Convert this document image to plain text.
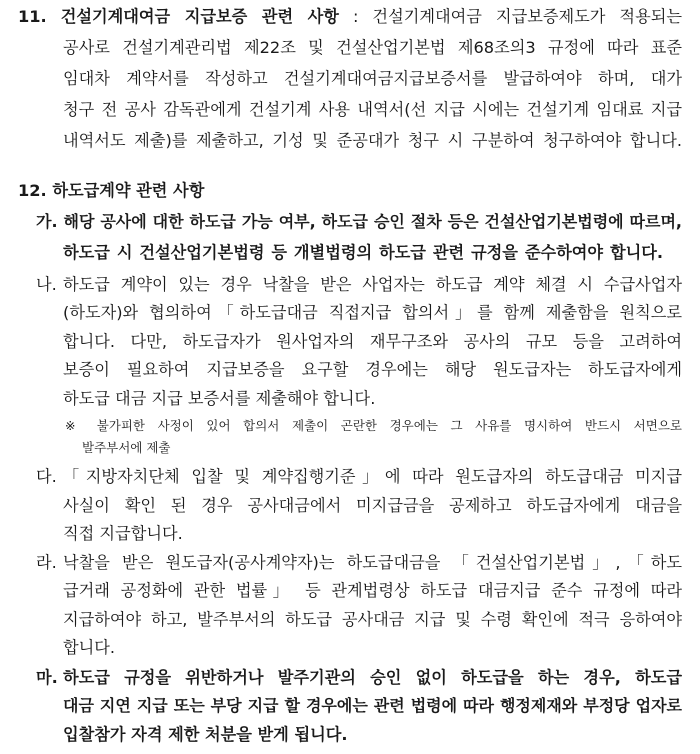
11. 건설기계대여금 지급보증 관련 사항 : 건설기계대여금 지급보증제도가 적용되는
공사로 건설기계관리법 제22조 및 건설산업기본법 제68조의3 규정에 따라 표준
임대차 계약서를 작성하고 건설기계대여금지급보증서를 발급하여야 하며, 대가
청구 전 공사 감독관에게 건설기계 사용 내역서(선 지급 시에는 건설기계 임대료 지급
내역서도 제출)를 제출하고, 기성 및 준공대가 청구 시 구분하여 청구하여야 합니다.
12. 하도급계약 관련 사항
가. 해당 공사에 대한 하도급 가능 여부, 하도급 승인 절차 등은 건설산업기본법령에 따르며,
하도급 시 건설산업기본법령 등 개별법령의 하도급 관련 규정을 준수하여야 합니다.
나. 하도급 계약이 있는 경우 낙찰을 받은 사업자는 하도급 계약 체결 시 수급사업자
(하도자)와 협의하여「하도급대금 직접지급 합의서」를 함께 제출함을 원칙으로
합니다. 다만, 하도급자가 원사업자의 재무구조와 공사의 규모 등을 고려하여
보증이 필요하여 지급보증을 요구할 경우에는 해당 원도급자는 하도급자에게
하도급 대금 지급 보증서를 제출해야 합니다.
※ 불가피한 사정이 있어 합의서 제출이 곤란한 경우에는 그 사유를 명시하여 반드시 서면으로
발주부서에 제출
다. 「지방자치단체 입찰 및 계약집행기준」에 따라 원도급자의 하도급대금 미지급
사실이 확인 된 경우 공사대금에서 미지급금을 공제하고 하도급자에게 대금을
직접 지급합니다.
라. 낙찰을 받은 원도급자(공사계약자)는 하도급대금을 「건설산업기본법」,「하도
급거래 공정화에 관한 법률」 등 관계법령상 하도급 대금지급 준수 규정에 따라
지급하여야 하고, 발주부서의 하도급 공사대금 지급 및 수령 확인에 적극 응하여야
합니다.
마. 하도급 규정을 위반하거나 발주기관의 승인 없이 하도급을 하는 경우, 하도급
대금 지연 지급 또는 부당 지급 할 경우에는 관련 법령에 따라 행정제재와 부정당 업자로
입찰참가 자격 제한 처분을 받게 됩니다.
